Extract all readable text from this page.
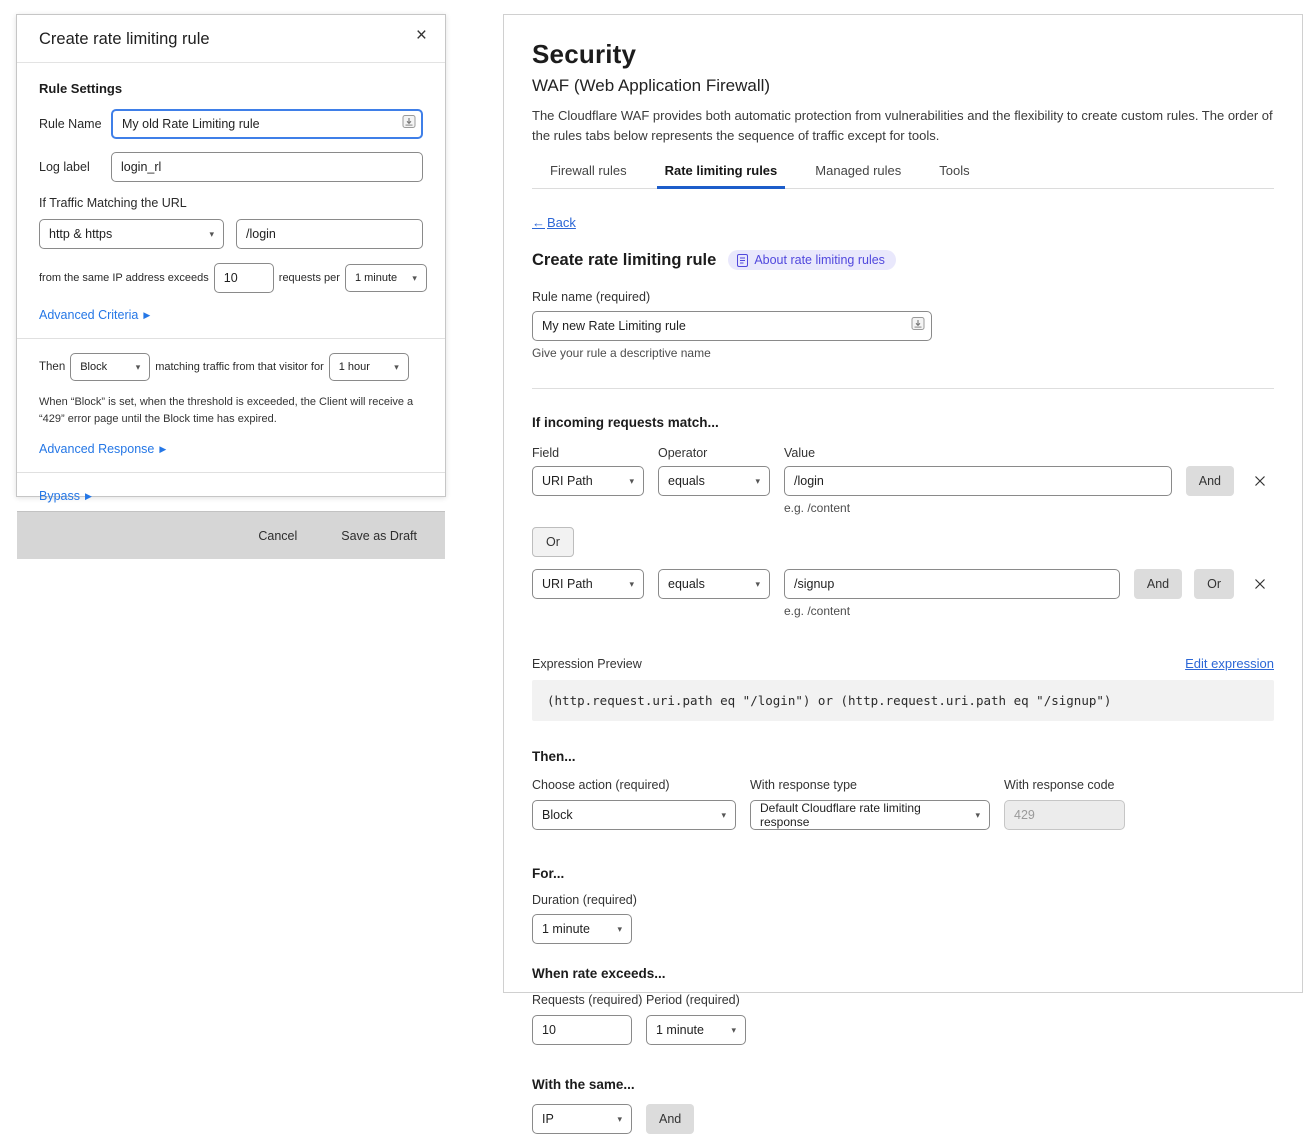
Create rate limiting rule	×
Rule Settings
Rule Name
My old Rate Limiting rule
Log label
login_rl
If Traffic Matching the URL
http & https	▾
/login
from the same IP address exceeds
10	requests per 1 minute ▾
Advanced Criteria ▶
Then Block	▾ matching traffic from that visitor for 1 hour	▾

When “Block” is set, when the threshold is exceeded, the Client will receive a “429” error page until the Block time has expired.

Advanced Response ▶
Bypass ▶
Cancel	Save as Draft
Security
WAF (Web Application Firewall)

The Cloudflare WAF provides both automatic protection from vulnerabilities and the flexibility to create custom rules. The order of the rules tabs below represents the sequence of traffic except for tools.

Firewall rules	Rate limiting rules	Managed rules	Tools
← Back
Create rate limiting rule	About rate limiting rules
Rule name (required)
My new Rate Limiting rule
Give your rule a descriptive name
If incoming requests match...
Field	Operator	Value
URI Path	▾	equals	▾
/login
e.g. /content
And
Or
URI Path	▾	equals	▾
/signup
e.g. /content
And	Or
Expression Preview	Edit expression
(http.request.uri.path eq "/login") or (http.request.uri.path eq "/signup")
Then...
Choose action (required)	With response type	With response code
Block	▾	Default Cloudflare rate limiting response
▾
429
For...
Duration (required)
1 minute	▾
When rate exceeds...
Requests (required) Period (required)
10
1 minute	▾
With the same...
IP	▾	And
